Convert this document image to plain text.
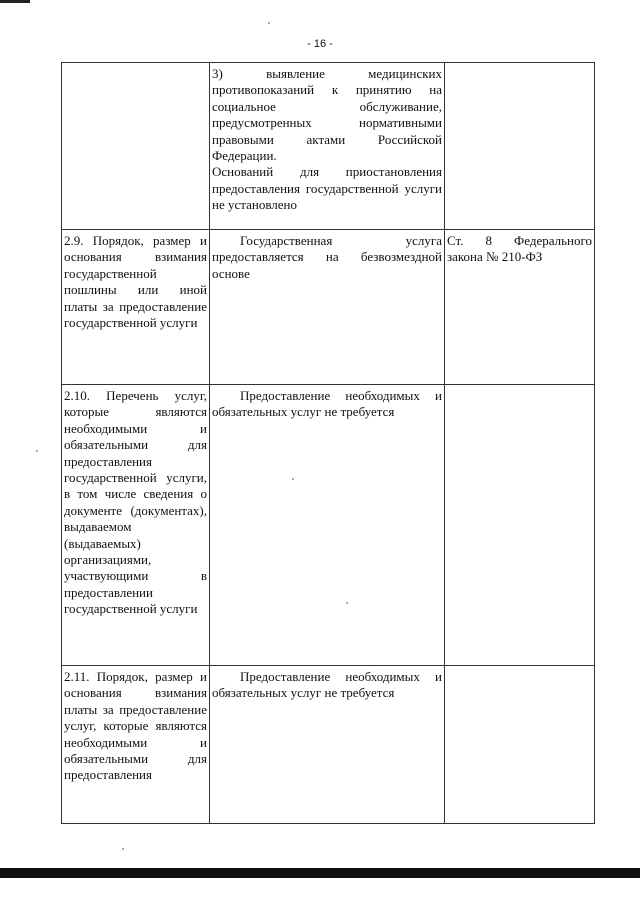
- 16 -

	3) выявление медицинских противопоказаний к принятию на социальное обслуживание, предусмотренных нормативными правовыми актами Российской Федерации.

Оснований для приостановления предоставления государственной услуги не установлено	

2.9. Порядок, размер и основания взимания государственной пошлины или иной платы за предоставление государственной услуги	Государственная услуга предоставляется на безвозмездной основе	Ст. 8 Федерального закона № 210-ФЗ
2.10. Перечень услуг, которые являются необходимыми и обязательными для предоставления государственной услуги, в том числе сведения о документе (документах), выдаваемом (выдаваемых) организациями, участвующими в предоставлении государственной услуги	Предоставление необходимых и обязательных услуг не требуется	

2.11. Порядок, размер и основания взимания платы за предоставление услуг, которые являются необходимыми и обязательными для предоставления	Предоставление необходимых и обязательных услуг не требуется	
